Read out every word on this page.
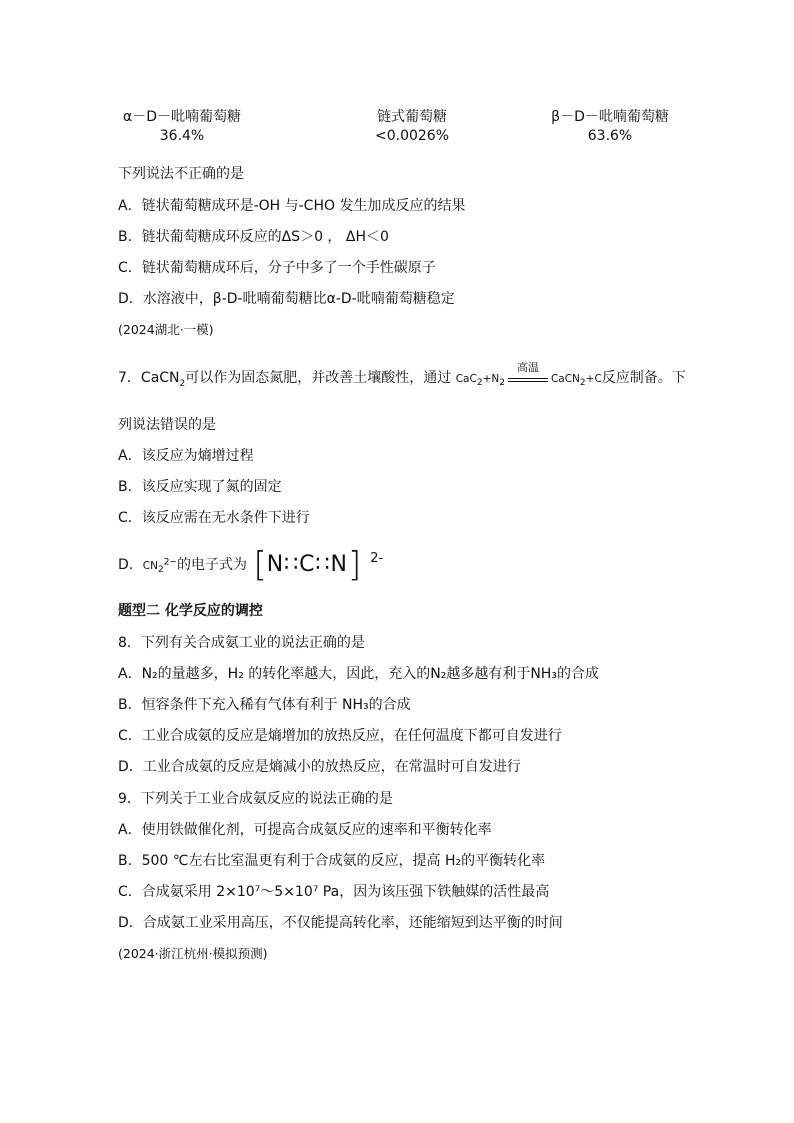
α－D－吡喃葡萄糖
36.4%
链式葡萄糖
<0.0026%
β－D－吡喃葡萄糖
63.6%
下列说法不正确的是
A．链状葡萄糖成环是-OH 与-CHO 发生加成反应的结果
B．链状葡萄糖成环反应的ΔS＞0 ， ΔH＜0
C．链状葡萄糖成环后，分子中多了一个手性碳原子
D．水溶液中，β-D-吡喃葡萄糖比α-D-吡喃葡萄糖稳定
(2024湖北·一模)
7．CaCN$_2$可以作为固态氮肥，并改善土壤酸性，通过 $CaC_2+N_2$
高温
CaCN$_2$+C反应制备。下
列说法错误的是
A．该反应为熵增过程
B．该反应实现了氮的固定
C．该反应需在无水条件下进行
D．$CN_2^{2-}$的电子式为 [ N∷C∷N ] 2-
题型二 化学反应的调控
8．下列有关合成氨工业的说法正确的是
A．N₂的量越多，H₂ 的转化率越大，因此，充入的N₂越多越有利于NH₃的合成
B．恒容条件下充入稀有气体有利于 NH₃的合成
C．工业合成氨的反应是熵增加的放热反应，在任何温度下都可自发进行
D．工业合成氨的反应是熵减小的放热反应，在常温时可自发进行
9．下列关于工业合成氨反应的说法正确的是
A．使用铁做催化剂，可提高合成氨反应的速率和平衡转化率
B．500 ℃左右比室温更有利于合成氨的反应，提高 H₂的平衡转化率
C．合成氨采用 2×10⁷～5×10⁷ Pa，因为该压强下铁触媒的活性最高
D．合成氨工业采用高压，不仅能提高转化率，还能缩短到达平衡的时间
(2024·浙江杭州·模拟预测)
